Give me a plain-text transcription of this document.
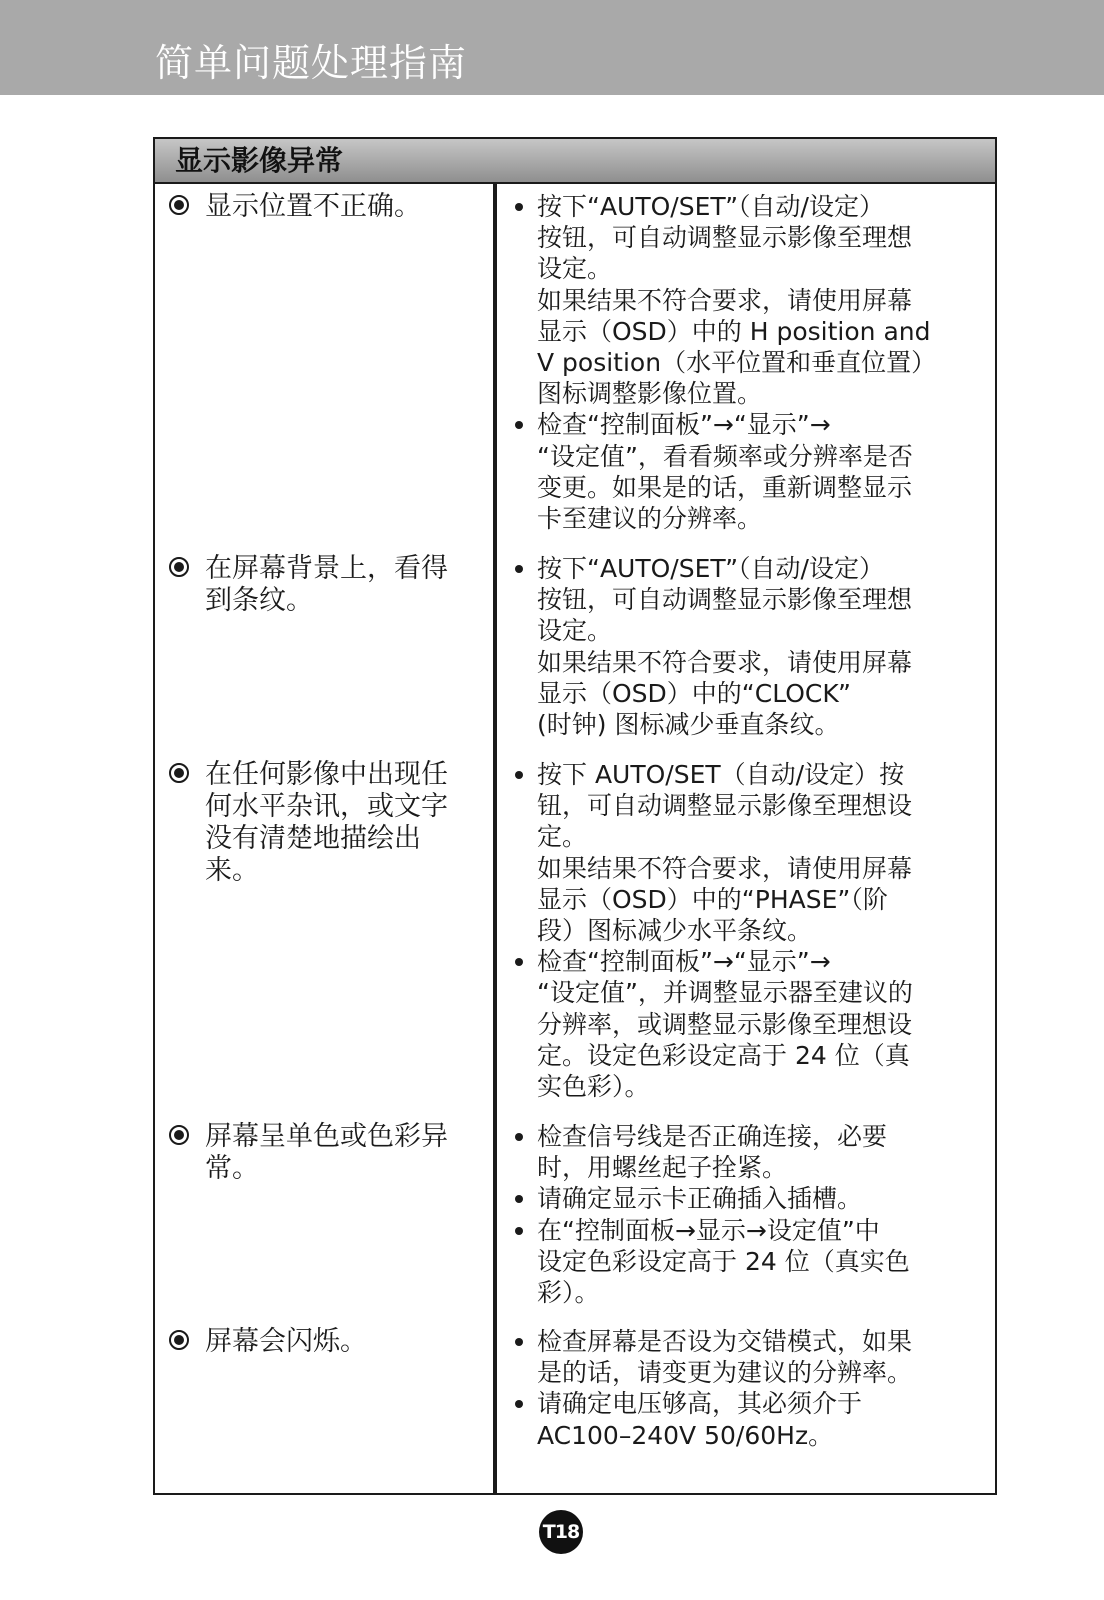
简单问题处理指南
显示影像异常
显示位置不正确。	按下“AUTO/SET”（自动/设定）
按钮，可自动调整显示影像至理想
设定。
如果结果不符合要求，请使用屏幕
显示（OSD）中的 H position and
V position（水平位置和垂直位置）
图标调整影像位置。
检查“控制面板”→“显示”→
“设定值”，看看频率或分辨率是否
变更。如果是的话，重新调整显示
卡至建议的分辨率。
在屏幕背景上，看得
到条纹。
按下“AUTO/SET”（自动/设定）
按钮，可自动调整显示影像至理想
设定。
如果结果不符合要求，请使用屏幕
显示（OSD）中的“CLOCK”
(时钟) 图标减少垂直条纹。
在任何影像中出现任
何水平杂讯，或文字
没有清楚地描绘出来。
按下 AUTO/SET（自动/设定）按
钮，可自动调整显示影像至理想设
定。
如果结果不符合要求，请使用屏幕
显示（OSD）中的“PHASE”（阶
段）图标减少水平条纹。
检查“控制面板”→“显示”→
“设定值”，并调整显示器至建议的
分辨率，或调整显示影像至理想设
定。设定色彩设定高于 24 位（真
实色彩）。
屏幕呈单色或色彩异
常。
检查信号线是否正确连接，必要
时，用螺丝起子拴紧。
请确定显示卡正确插入插槽。
在“控制面板→显示→设定值”中
设定色彩设定高于 24 位（真实色
彩）。
屏幕会闪烁。	检查屏幕是否设为交错模式，如果
是的话，请变更为建议的分辨率。
请确定电压够高，其必须介于
AC100–240V 50/60Hz。
T18
